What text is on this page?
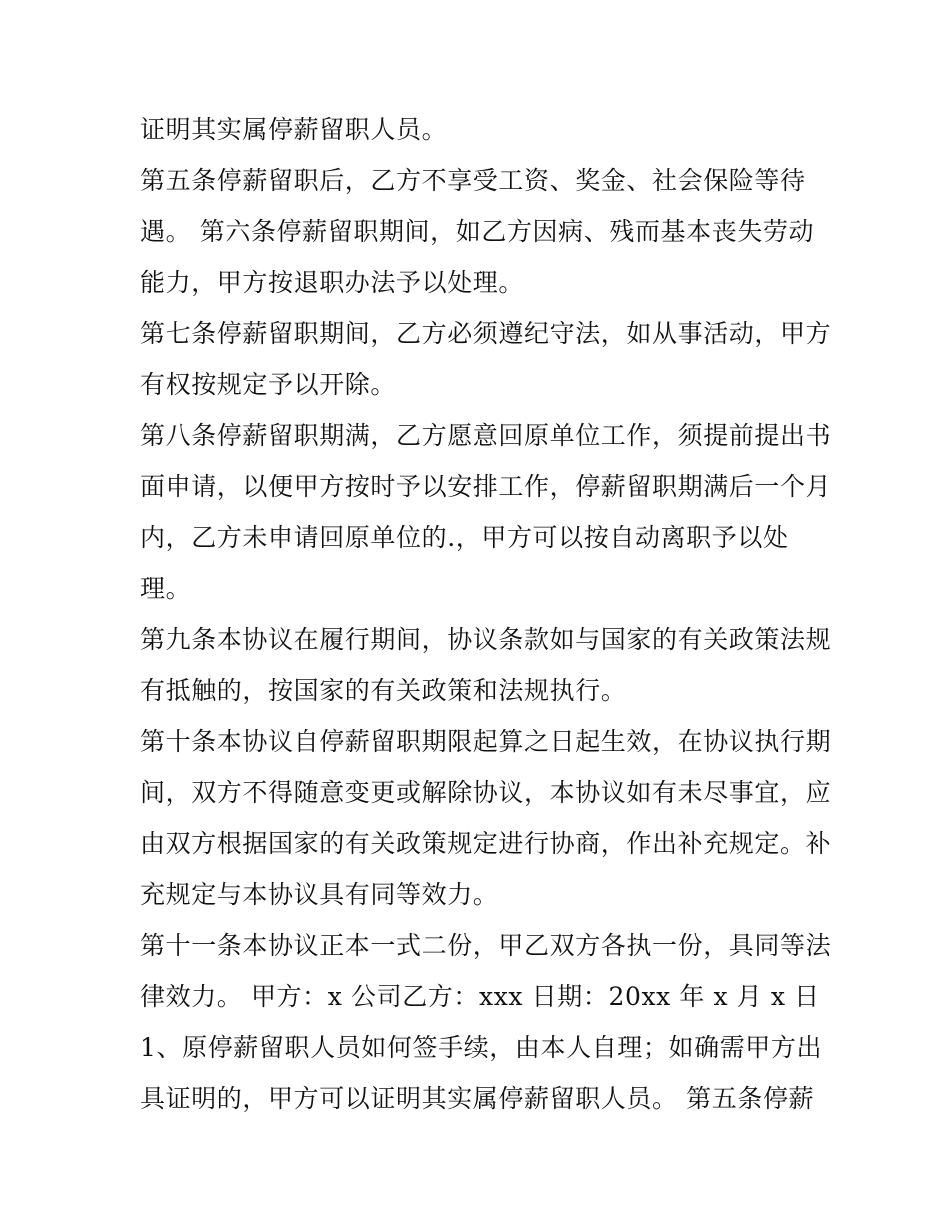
证明其实属停薪留职人员。
第五条停薪留职后，乙方不享受工资、奖金、社会保险等待
遇。 第六条停薪留职期间，如乙方因病、残而基本丧失劳动
能力，甲方按退职办法予以处理。
第七条停薪留职期间，乙方必须遵纪守法，如从事活动，甲方
有权按规定予以开除。
第八条停薪留职期满，乙方愿意回原单位工作，须提前提出书
面申请，以便甲方按时予以安排工作，停薪留职期满后一个月
内，乙方未申请回原单位的.，甲方可以按自动离职予以处
理。
第九条本协议在履行期间，协议条款如与国家的有关政策法规
有抵触的，按国家的有关政策和法规执行。
第十条本协议自停薪留职期限起算之日起生效，在协议执行期
间，双方不得随意变更或解除协议，本协议如有未尽事宜，应
由双方根据国家的有关政策规定进行协商，作出补充规定。补
充规定与本协议具有同等效力。
第十一条本协议正本一式二份，甲乙双方各执一份，具同等法
律效力。 甲方：x 公司乙方：xxx 日期：20xx 年 x 月 x 日
1、原停薪留职人员如何签手续，由本人自理；如确需甲方出
具证明的，甲方可以证明其实属停薪留职人员。 第五条停薪
